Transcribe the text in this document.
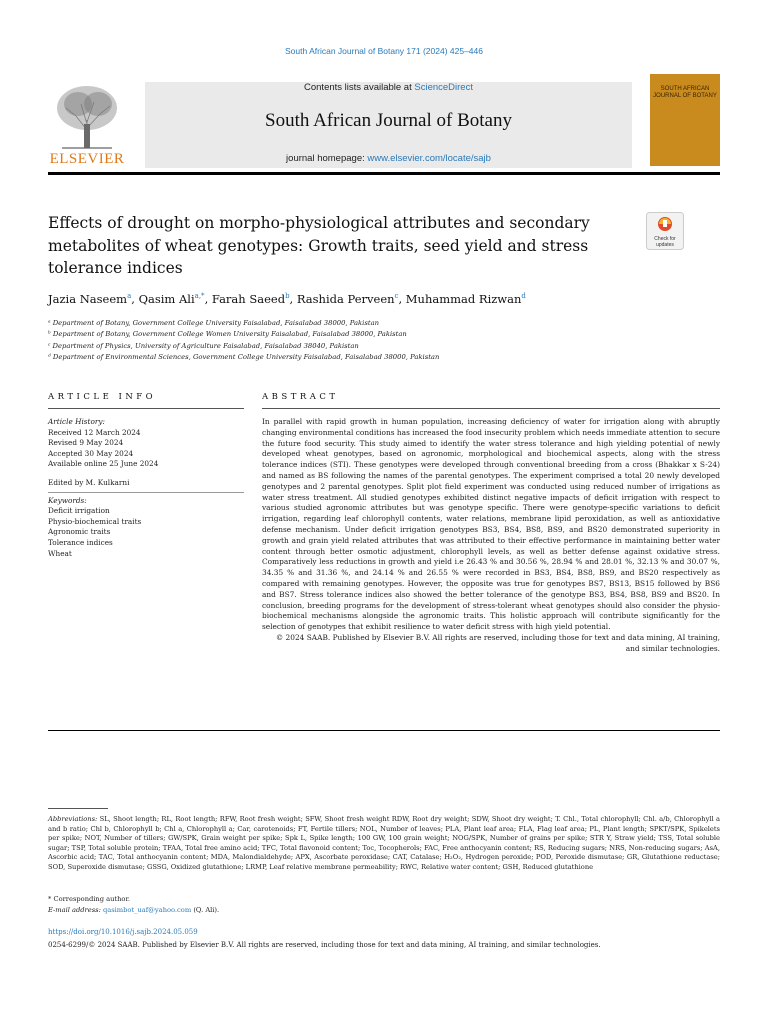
South African Journal of Botany 171 (2024) 425–446
Contents lists available at ScienceDirect
South African Journal of Botany
journal homepage: www.elsevier.com/locate/sajb
ELSEVIER
SOUTH AFRICAN JOURNAL OF BOTANY
Effects of drought on morpho-physiological attributes and secondary metabolites of wheat genotypes: Growth traits, seed yield and stress tolerance indices
Check for
updates
Jazia Naseem$^a$, Qasim Ali$^{a,*}$, Farah Saeed$^b$, Rashida Perveen$^c$, Muhammad Rizwan$^d$
ᵃ Department of Botany, Government College University Faisalabad, Faisalabad 38000, Pakistan
ᵇ Department of Botany, Government College Women University Faisalabad, Faisalabad 38000, Pakistan
ᶜ Department of Physics, University of Agriculture Faisalabad, Faisalabad 38040, Pakistan
ᵈ Department of Environmental Sciences, Government College University Faisalabad, Faisalabad 38000, Pakistan
ARTICLE INFO	ABSTRACT
Article History:
Received 12 March 2024
Revised 9 May 2024
Accepted 30 May 2024
Available online 25 June 2024
Edited by M. Kulkarni
Keywords:
Deficit irrigation
Physio-biochemical traits
Agronomic traits
Tolerance indices
Wheat
In parallel with rapid growth in human population, increasing deficiency of water for irrigation along with abruptly changing environmental conditions has increased the food insecurity problem which needs immediate attention to secure the future food security. This study aimed to identify the water stress tolerance and high yielding potential of newly developed wheat genotypes, based on agronomic, morphological and biochemical aspects, along with the stress tolerance indices (STI). These genotypes were developed through conventional breeding from a cross (Bhakkar x S-24) and named as BS following the names of the parental genotypes. The experiment comprised a total 20 newly developed genotypes and 2 parental genotypes. Split plot field experiment was conducted using reduced number of irrigations as water stress treatment. All studied genotypes exhibited distinct negative impacts of deficit irrigation with respect to various studied agronomic attributes but was genotype specific. There were genotype-specific variations to deficit irrigation, regarding leaf chlorophyll contents, water relations, membrane lipid peroxidation, as well as antioxidative defense mechanism. Under deficit irrigation genotypes BS3, BS4, BS8, BS9, and BS20 demonstrated superiority in growth and grain yield related attributes that was attributed to their effective performance in maintaining better water content through better osmotic adjustment, chlorophyll levels, as well as better defense against oxidative stress. Comparatively less reductions in growth and yield i.e 26.43 % and 30.56 %, 28.94 % and 28.01 %, 32.13 % and 30.07 %, 34.35 % and 31.36 %, and 24.14 % and 26.55 % were recorded in BS3, BS4, BS8, BS9, and BS20 respectively as compared with remaining genotypes. However, the opposite was true for genotypes BS7, BS13, BS15 followed by BS6 and BS7. Stress tolerance indices also showed the better tolerance of the genotype BS3, BS4, BS8, BS9 and BS20. In conclusion, breeding programs for the development of stress-tolerant wheat genotypes should also consider the physio-biochemical mechanisms alongside the agronomic traits. This holistic approach will contribute significantly for the selection of genotypes that exhibit resilience to water deficit stress with high yield potential.
© 2024 SAAB. Published by Elsevier B.V. All rights are reserved, including those for text and data mining, AI training, and similar technologies.
Abbreviations: SL, Shoot length; RL, Root length; RFW, Root fresh weight; SFW, Shoot fresh weight RDW, Root dry weight; SDW, Shoot dry weight; T. Chl., Total chlorophyll; Chl. a/b, Chlorophyll a and b ratio; Chl b, Chlorophyll b; Chl a, Chlorophyll a; Car, carotenoids; FT, Fertile tillers; NOL, Number of leaves; PLA, Plant leaf area; FLA, Flag leaf area; PL, Plant length; SPKT/SPK, Spikelets per spike; NOT, Number of tillers; GW/SPK, Grain weight per spike; Spk L, Spike length; 100 GW, 100 grain weight; NOG/SPK, Number of grains per spike; STR Y, Straw yield; TSS, Total soluble sugar; TSP, Total soluble protein; TFAA, Total free amino acid; TFC, Total flavonoid content; Toc, Tocopherols; FAC, Free anthocyanin content; RS, Reducing sugars; NRS, Non-reducing sugars; AsA, Ascorbic acid; TAC, Total anthocyanin content; MDA, Malondialdehyde; APX, Ascorbate peroxidase; CAT, Catalase; H₂O₂, Hydrogen peroxide; POD, Peroxide dismutase; GR, Glutathione reductase; SOD, Superoxide dismutase; GSSG, Oxidized glutathione; LRMP, Leaf relative membrane permeability; RWC, Relative water content; GSH, Reduced glutathione
* Corresponding author.
E-mail address: qasimbot_uaf@yahoo.com (Q. Ali).
https://doi.org/10.1016/j.sajb.2024.05.059
0254-6299/© 2024 SAAB. Published by Elsevier B.V. All rights are reserved, including those for text and data mining, AI training, and similar technologies.
